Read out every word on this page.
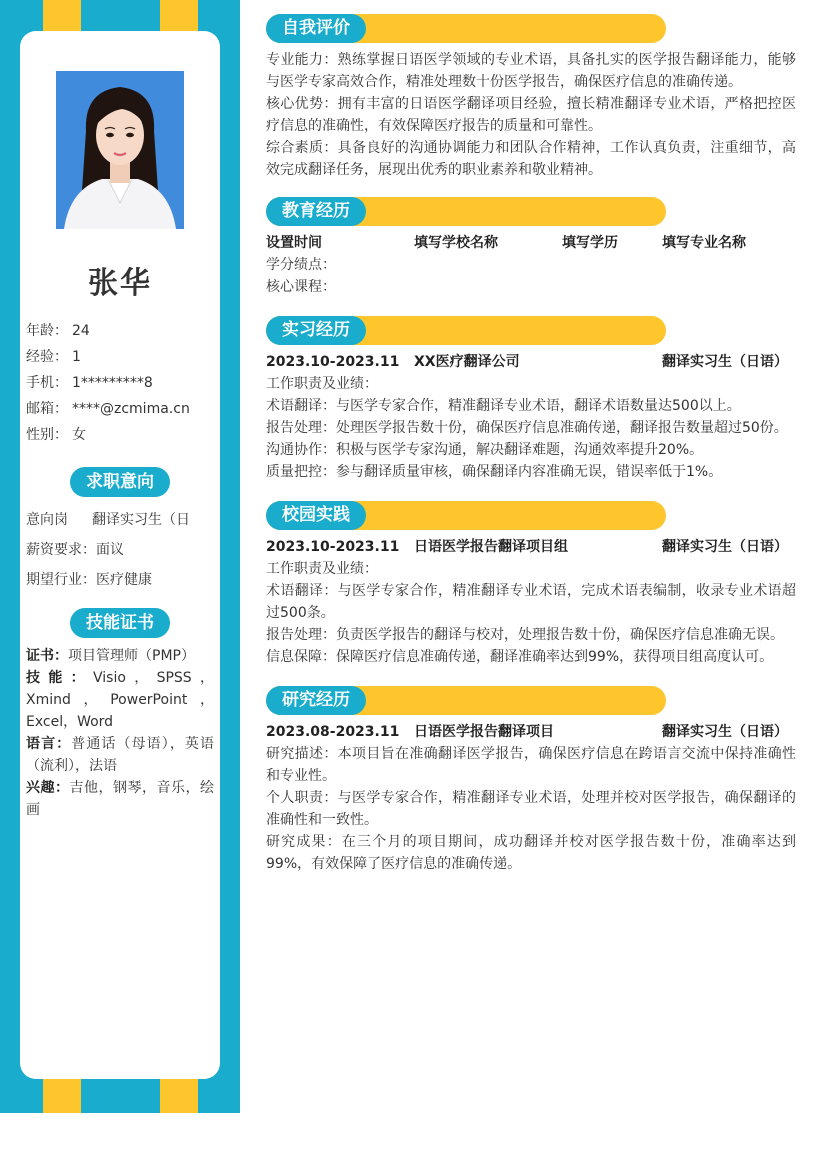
张华
年龄： 24
经验： 1
手机： 1*********8
邮箱： ****@zcmima.cn
性别： 女
求职意向
意向岗	翻译实习生（日
薪资要求： 面议
期望行业： 医疗健康
技能证书

证书：项目管理师（PMP）

技能：Visio，SPSS，Xmind，PowerPoint，Excel，Word

语言：普通话（母语），英语（流利），法语

兴趣：吉他，钢琴，音乐，绘画

自我评价

专业能力：熟练掌握日语医学领域的专业术语，具备扎实的医学报告翻译能力，能够与医学专家高效合作，精准处理数十份医学报告，确保医疗信息的准确传递。

核心优势：拥有丰富的日语医学翻译项目经验，擅长精准翻译专业术语，严格把控医疗信息的准确性，有效保障医疗报告的质量和可靠性。

综合素质：具备良好的沟通协调能力和团队合作精神，工作认真负责，注重细节，高效完成翻译任务，展现出优秀的职业素养和敬业精神。

教育经历
设置时间	填写学校名称	填写学历	填写专业名称

学分绩点：

核心课程：

实习经历
2023.10-2023.11	XX医疗翻译公司	翻译实习生（日语）

工作职责及业绩：

术语翻译：与医学专家合作，精准翻译专业术语，翻译术语数量达500以上。

报告处理：处理医学报告数十份，确保医疗信息准确传递，翻译报告数量超过50份。

沟通协作：积极与医学专家沟通，解决翻译难题，沟通效率提升20%。

质量把控：参与翻译质量审核，确保翻译内容准确无误，错误率低于1%。

校园实践
2023.10-2023.11	日语医学报告翻译项目组	翻译实习生（日语）

工作职责及业绩：

术语翻译：与医学专家合作，精准翻译专业术语，完成术语表编制，收录专业术语超过500条。

报告处理：负责医学报告的翻译与校对，处理报告数十份，确保医疗信息准确无误。

信息保障：保障医疗信息准确传递，翻译准确率达到99%，获得项目组高度认可。

研究经历
2023.08-2023.11	日语医学报告翻译项目	翻译实习生（日语）

研究描述：本项目旨在准确翻译医学报告，确保医疗信息在跨语言交流中保持准确性和专业性。

个人职责：与医学专家合作，精准翻译专业术语，处理并校对医学报告，确保翻译的准确性和一致性。

研究成果：在三个月的项目期间，成功翻译并校对医学报告数十份，准确率达到99%，有效保障了医疗信息的准确传递。
